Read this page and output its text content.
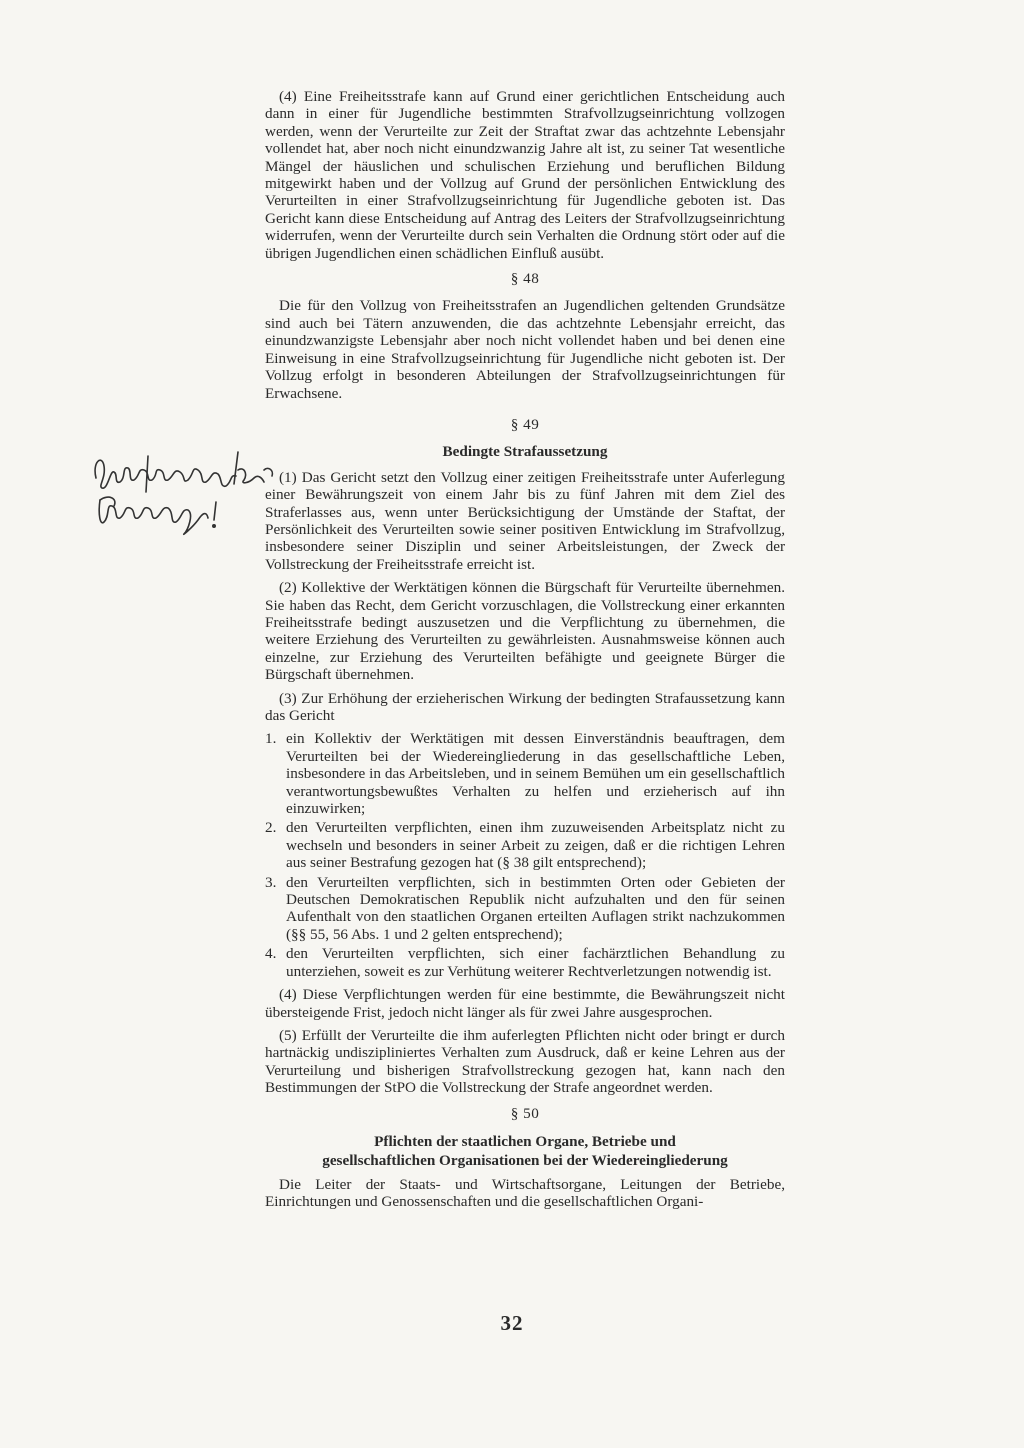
(4) Eine Freiheitsstrafe kann auf Grund einer gerichtlichen Entscheidung auch dann in einer für Jugendliche bestimmten Strafvollzugseinrichtung vollzogen werden, wenn der Verurteilte zur Zeit der Straftat zwar das achtzehnte Lebensjahr vollendet hat, aber noch nicht einundzwanzig Jahre alt ist, zu seiner Tat wesentliche Mängel der häuslichen und schulischen Erziehung und beruflichen Bildung mitgewirkt haben und der Vollzug auf Grund der persönlichen Entwicklung des Verurteilten in einer Strafvollzugseinrichtung für Jugendliche geboten ist. Das Gericht kann diese Entscheidung auf Antrag des Leiters der Strafvollzugseinrichtung widerrufen, wenn der Verurteilte durch sein Verhalten die Ordnung stört oder auf die übrigen Jugendlichen einen schädlichen Einfluß ausübt.

§ 48

Die für den Vollzug von Freiheitsstrafen an Jugendlichen geltenden Grundsätze sind auch bei Tätern anzuwenden, die das achtzehnte Lebensjahr erreicht, das einundzwanzigste Lebensjahr aber noch nicht vollendet haben und bei denen eine Einweisung in eine Strafvollzugseinrichtung für Jugendliche nicht geboten ist. Der Vollzug erfolgt in besonderen Abteilungen der Strafvollzugseinrichtungen für Erwachsene.

§ 49

Bedingte Strafaussetzung

(1) Das Gericht setzt den Vollzug einer zeitigen Freiheitsstrafe unter Auferlegung einer Bewährungszeit von einem Jahr bis zu fünf Jahren mit dem Ziel des Straferlasses aus, wenn unter Berücksichtigung der Umstände der Staftat, der Persönlichkeit des Verurteilten sowie seiner positiven Entwicklung im Strafvollzug, insbesondere seiner Disziplin und seiner Arbeitsleistungen, der Zweck der Vollstreckung der Freiheitsstrafe erreicht ist.

(2) Kollektive der Werktätigen können die Bürgschaft für Verurteilte übernehmen. Sie haben das Recht, dem Gericht vorzuschlagen, die Vollstreckung einer erkannten Freiheitsstrafe bedingt auszusetzen und die Verpflichtung zu übernehmen, die weitere Erziehung des Verurteilten zu gewährleisten. Ausnahmsweise können auch einzelne, zur Erziehung des Verurteilten befähigte und geeignete Bürger die Bürgschaft übernehmen.

(3) Zur Erhöhung der erzieherischen Wirkung der bedingten Strafaussetzung kann das Gericht

1. ein Kollektiv der Werktätigen mit dessen Einverständnis beauftragen, dem Verurteilten bei der Wiedereingliederung in das gesellschaftliche Leben, insbesondere in das Arbeitsleben, und in seinem Bemühen um ein gesellschaftlich verantwortungsbewußtes Verhalten zu helfen und erzieherisch auf ihn einzuwirken;
2. den Verurteilten verpflichten, einen ihm zuzuweisenden Arbeitsplatz nicht zu wechseln und besonders in seiner Arbeit zu zeigen, daß er die richtigen Lehren aus seiner Bestrafung gezogen hat (§ 38 gilt entsprechend);
3. den Verurteilten verpflichten, sich in bestimmten Orten oder Gebieten der Deutschen Demokratischen Republik nicht aufzuhalten und den für seinen Aufenthalt von den staatlichen Organen erteilten Auflagen strikt nachzukommen (§§ 55, 56 Abs. 1 und 2 gelten entsprechend);
4. den Verurteilten verpflichten, sich einer fachärztlichen Behandlung zu unterziehen, soweit es zur Verhütung weiterer Rechtverletzungen notwendig ist.

(4) Diese Verpflichtungen werden für eine bestimmte, die Bewährungszeit nicht übersteigende Frist, jedoch nicht länger als für zwei Jahre ausgesprochen.

(5) Erfüllt der Verurteilte die ihm auferlegten Pflichten nicht oder bringt er durch hartnäckig undiszipliniertes Verhalten zum Ausdruck, daß er keine Lehren aus der Verurteilung und bisherigen Strafvollstreckung gezogen hat, kann nach den Bestimmungen der StPO die Vollstreckung der Strafe angeordnet werden.

§ 50

Pflichten der staatlichen Organe, Betriebe und
gesellschaftlichen Organisationen bei der Wiedereingliederung

Die Leiter der Staats- und Wirtschaftsorgane, Leitungen der Betriebe, Einrichtungen und Genossenschaften und die gesellschaftlichen Organi-

32
